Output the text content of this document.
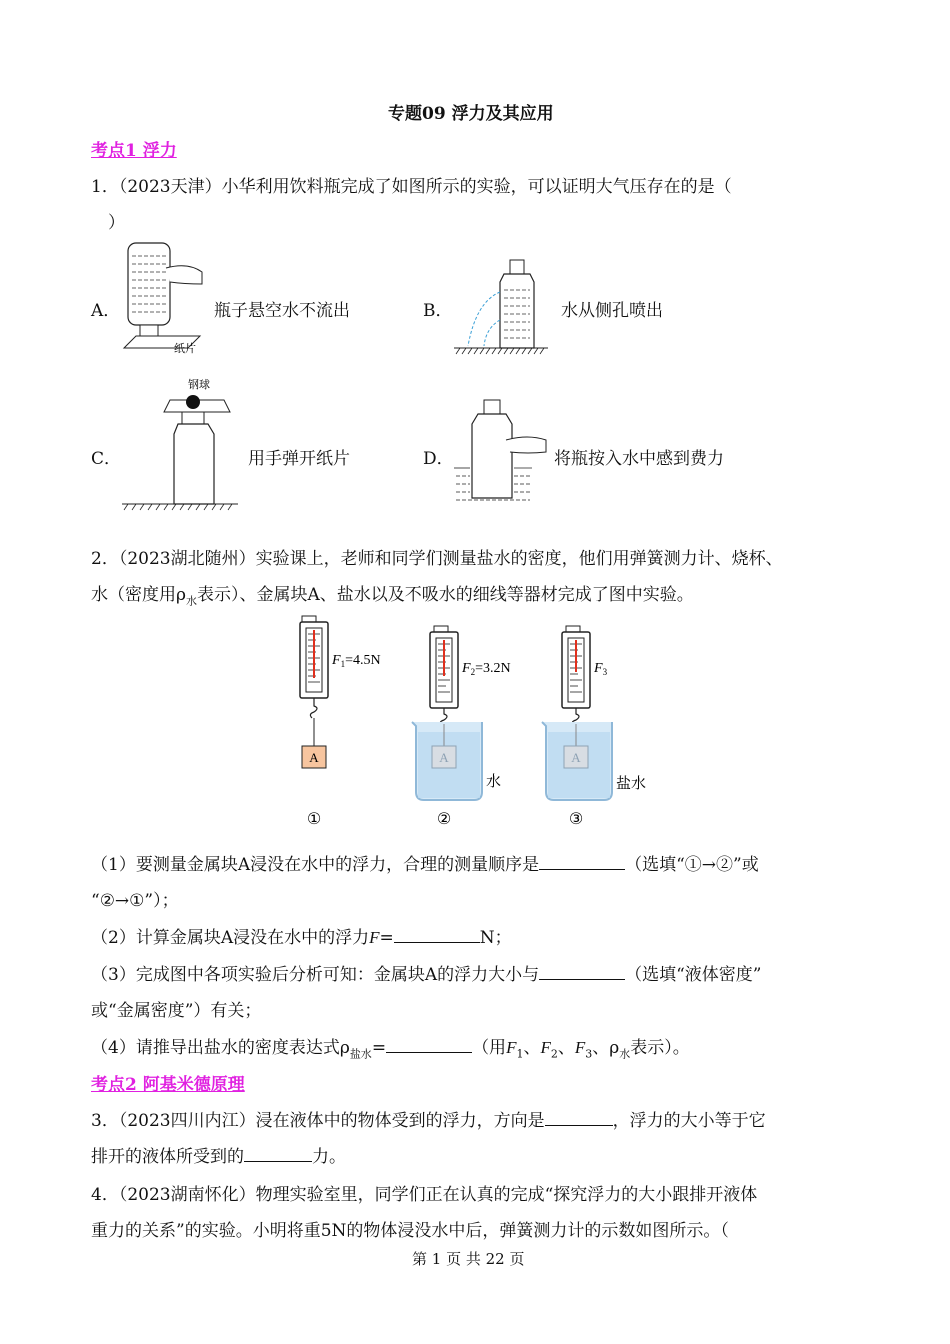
专题09 浮力及其应用
考点1 浮力
1．（2023天津）小华利用饮料瓶完成了如图所示的实验，可以证明大气压存在的是（
）
A．
纸片
瓶子悬空水不流出	B．	水从侧孔喷出
C．
钢球
用手弹开纸片	D．	将瓶按入水中感到费力
2．（2023湖北随州）实验课上，老师和同学们测量盐水的密度，他们用弹簧测力计、烧杯、
水（密度用$\rho_水$表示）、金属块A、盐水以及不吸水的细线等器材完成了图中实验。
A
$F_1=4.5N$
①
A
$F_2=3.2N$
水
②
A
$F_3$
盐水
③
（1）要测量金属块A浸没在水中的浮力，合理的测量顺序是	（选填“①→②”或
“②→①”）；
（2）计算金属块A浸没在水中的浮力F=	N；
（3）完成图中各项实验后分析可知：金属块A的浮力大小与	（选填“液体密度”
或“金属密度”）有关；
（4）请推导出盐水的密度表达式$\rho_{盐水}=$	（用$F_1$、$F_2$、$F_3$、$\rho_水$表示）。
考点2 阿基米德原理
3．（2023四川内江）浸在液体中的物体受到的浮力，方向是	，浮力的大小等于它
排开的液体所受到的	力。
4．（2023湖南怀化）物理实验室里，同学们正在认真的完成“探究浮力的大小跟排开液体
重力的关系”的实验。小明将重5N的物体浸没水中后，弹簧测力计的示数如图所示。（
第 1 页 共 22 页
